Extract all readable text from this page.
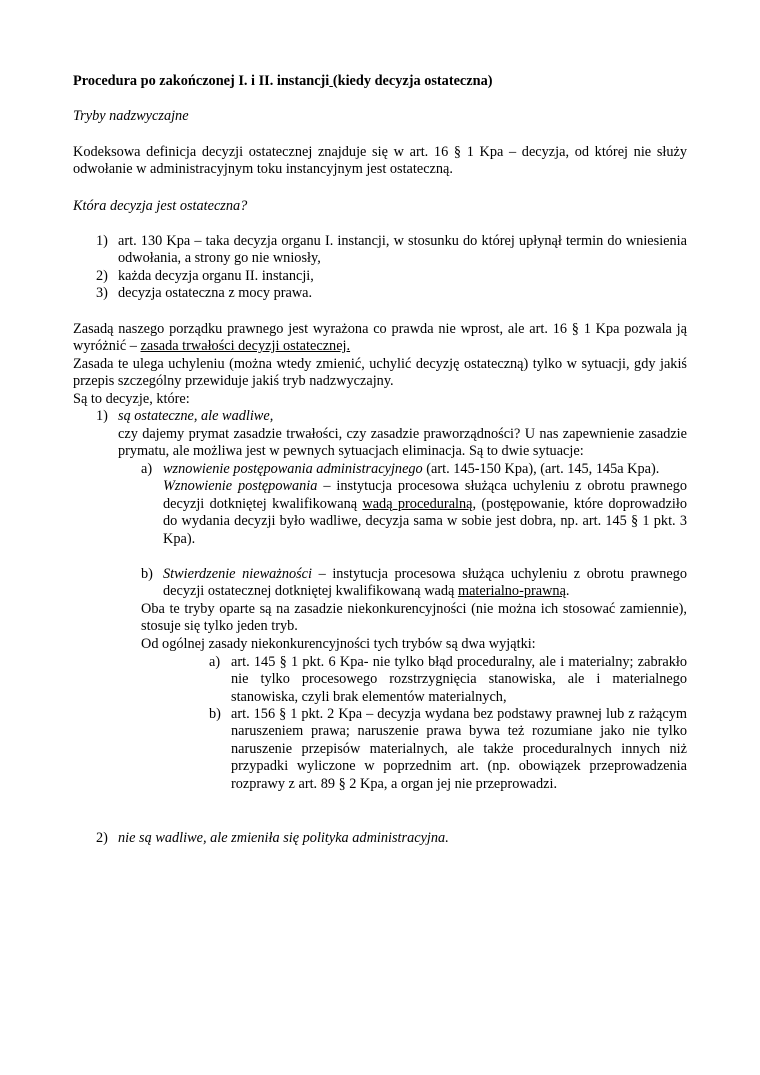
Procedura po zakończonej I. i II. instancji (kiedy decyzja ostateczna)

Tryby nadzwyczajne

Kodeksowa definicja decyzji ostatecznej znajduje się w art. 16 § 1 Kpa – decyzja, od której nie służy odwołanie w administracyjnym toku instancyjnym jest ostateczną.

Która decyzja jest ostateczna?

1) art. 130 Kpa – taka decyzja organu I. instancji, w stosunku do której upłynął termin do wniesienia odwołania, a strony go nie wniosły,

2) każda decyzja organu II. instancji,

3) decyzja ostateczna z mocy prawa.

Zasadą naszego porządku prawnego jest wyrażona co prawda nie wprost, ale art. 16 § 1 Kpa pozwala ją wyróżnić – zasada trwałości decyzji ostatecznej.

Zasada te ulega uchyleniu (można wtedy zmienić, uchylić decyzję ostateczną) tylko w sytuacji, gdy jakiś przepis szczególny przewiduje jakiś tryb nadzwyczajny.

Są to decyzje, które:

1) są ostateczne, ale wadliwe,

czy dajemy prymat zasadzie trwałości, czy zasadzie praworządności? U nas zapewnienie zasadzie prymatu, ale możliwa jest w pewnych sytuacjach eliminacja. Są to dwie sytuacje:

a) wznowienie postępowania administracyjnego (art. 145-150 Kpa), (art. 145, 145a Kpa).

Wznowienie postępowania – instytucja procesowa służąca uchyleniu z obrotu prawnego decyzji dotkniętej kwalifikowaną wadą proceduralną, (postępowanie, które doprowadziło do wydania decyzji było wadliwe, decyzja sama w sobie jest dobra, np. art. 145 § 1 pkt. 3 Kpa).

b) Stwierdzenie nieważności – instytucja procesowa służąca uchyleniu z obrotu prawnego decyzji ostatecznej dotkniętej kwalifikowaną wadą materialno-prawną.

Oba te tryby oparte są na zasadzie niekonkurencyjności (nie można ich stosować zamiennie), stosuje się tylko jeden tryb.

Od ogólnej zasady niekonkurencyjności tych trybów są dwa wyjątki:

a) art. 145 § 1 pkt. 6 Kpa- nie tylko błąd proceduralny, ale i materialny; zabrakło nie tylko procesowego rozstrzygnięcia stanowiska, ale i materialnego stanowiska, czyli brak elementów materialnych,

b) art. 156 § 1 pkt. 2 Kpa – decyzja wydana bez podstawy prawnej lub z rażącym naruszeniem prawa; naruszenie prawa bywa też rozumiane jako nie tylko naruszenie przepisów materialnych, ale także proceduralnych innych niż przypadki wyliczone w poprzednim art. (np. obowiązek przeprowadzenia rozprawy z art. 89 § 2 Kpa, a organ jej nie przeprowadzi.

2) nie są wadliwe, ale zmieniła się polityka administracyjna.
